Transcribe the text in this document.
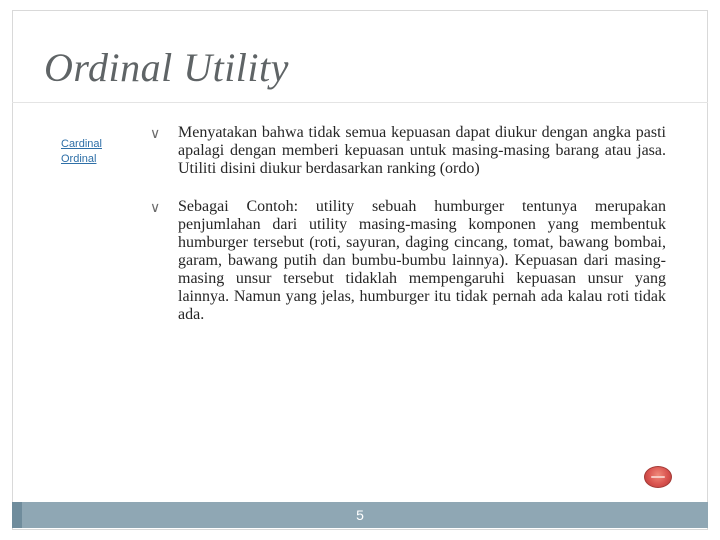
Ordinal Utility
Cardinal
Ordinal
∨ Menyatakan bahwa tidak semua kepuasan dapat diukur dengan angka pasti apalagi dengan memberi kepuasan untuk masing-masing barang atau jasa. Utiliti disini diukur berdasarkan ranking (ordo)
∨ Sebagai Contoh: utility sebuah humburger tentunya merupakan penjumlahan dari utility masing-masing komponen yang membentuk humburger tersebut (roti, sayuran, daging cincang, tomat, bawang bombai, garam, bawang putih dan bumbu-bumbu lainnya). Kepuasan dari masing-masing unsur tersebut tidaklah mempengaruhi kepuasan unsur yang lainnya. Namun yang jelas, humburger itu tidak pernah ada kalau roti tidak ada.
5
